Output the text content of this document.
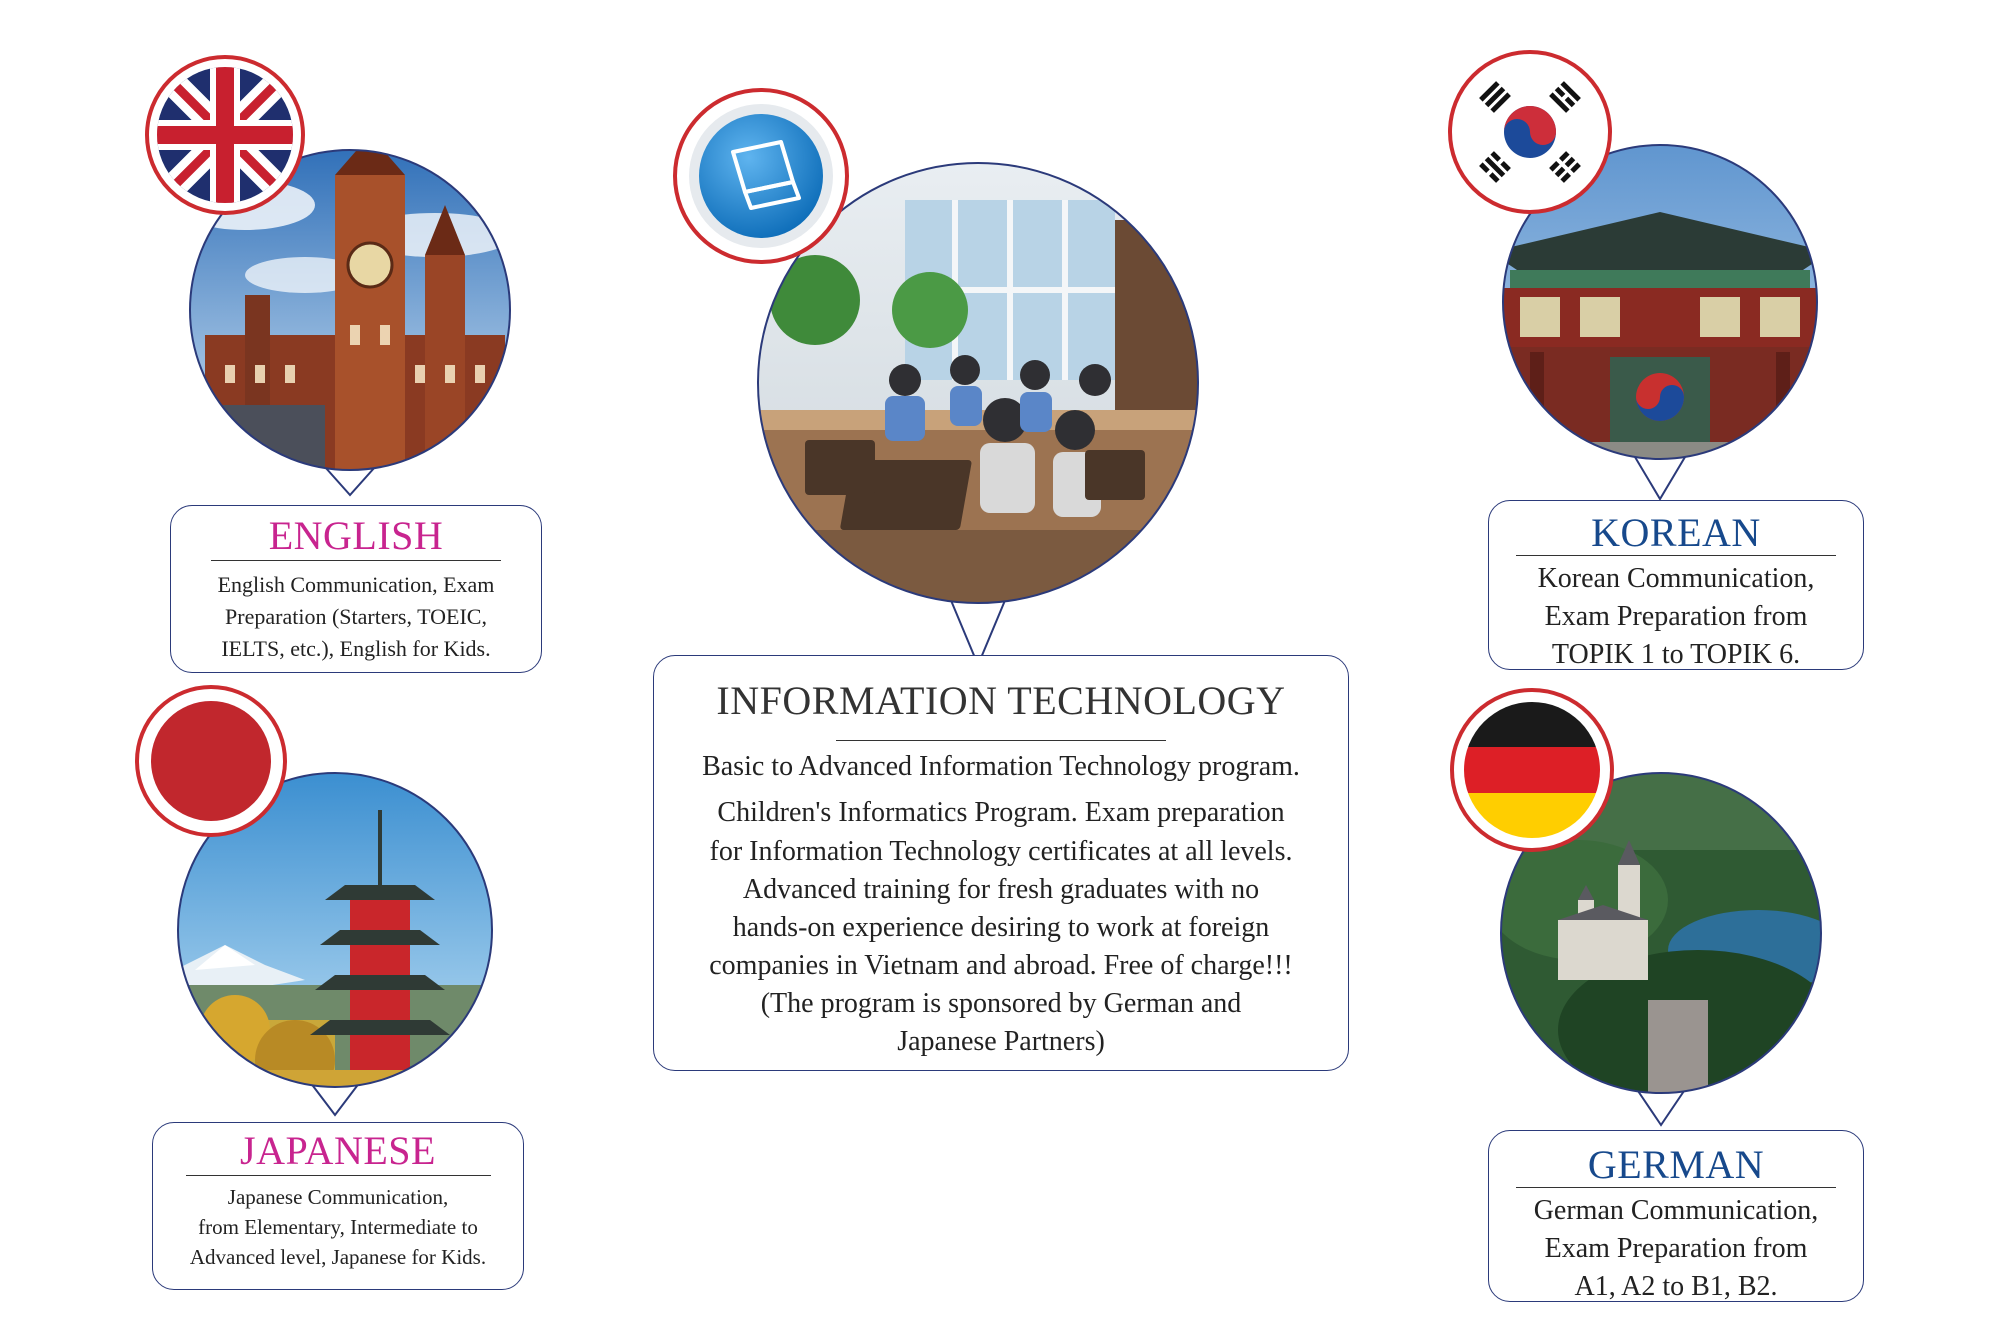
ENGLISH

English Communication, Exam

Preparation (Starters, TOEIC,

IELTS, etc.), English for Kids.

JAPANESE

Japanese Communication,

from Elementary, Intermediate to

Advanced level, Japanese for Kids.

INFORMATION TECHNOLOGY

Basic to Advanced Information Technology program.

Children's Informatics Program. Exam preparation

for Information Technology certificates at all levels.

Advanced training for fresh graduates with no

hands-on experience desiring to work at foreign

companies in Vietnam and abroad. Free of charge!!!

(The program is sponsored by German and

Japanese Partners)

KOREAN

Korean Communication,

Exam Preparation from

TOPIK 1 to TOPIK 6.

GERMAN

German Communication,

Exam Preparation from

A1, A2 to B1, B2.
